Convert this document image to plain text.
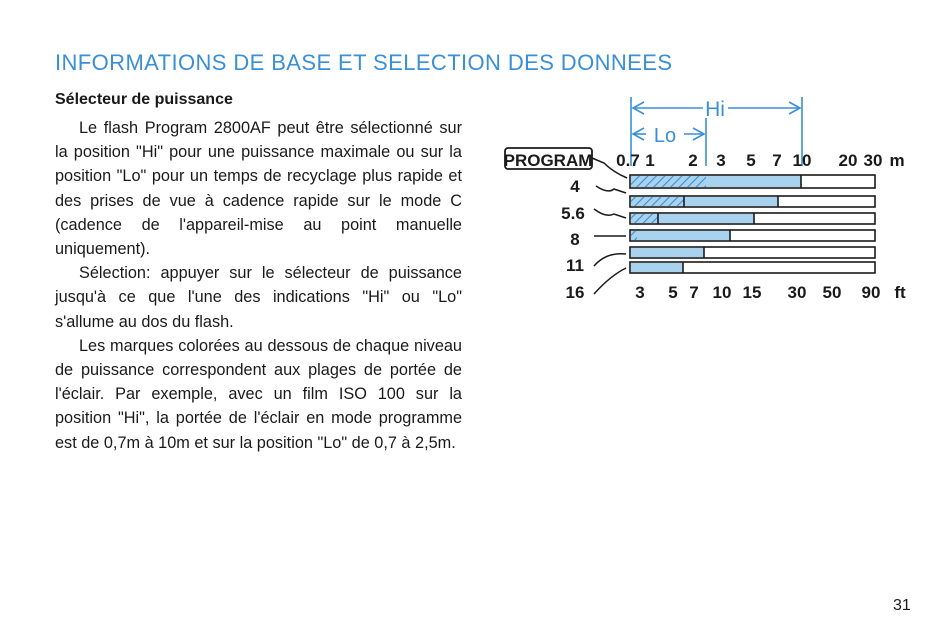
INFORMATIONS DE BASE ET SELECTION DES DONNEES
Sélecteur de puissance

Le flash Program 2800AF peut être sélectionné sur la position "Hi" pour une puissance maximale ou sur la position "Lo" pour un temps de recyclage plus rapide et des prises de vue à cadence rapide sur le mode C (cadence de l'appareil-mise au point manuelle uniquement).

Sélection: appuyer sur le sélecteur de puissance jusqu'à ce que l'une des indications "Hi" ou "Lo" s'allume au dos du flash.

Les marques colorées au dessous de chaque niveau de puissance correspondent aux plages de portée de l'éclair. Par exemple, avec un film ISO 100 sur la position "Hi", la portée de l'éclair en mode programme est de 0,7m à 10m et sur la position "Lo" de 0,7 à 2,5m.

Hi
Lo
PROGRAM 0.7 1 2 3 5 7 10 20 30 m
4
5.6
8
11
16	3 5 7 10 15 30 50 90 ft
31
